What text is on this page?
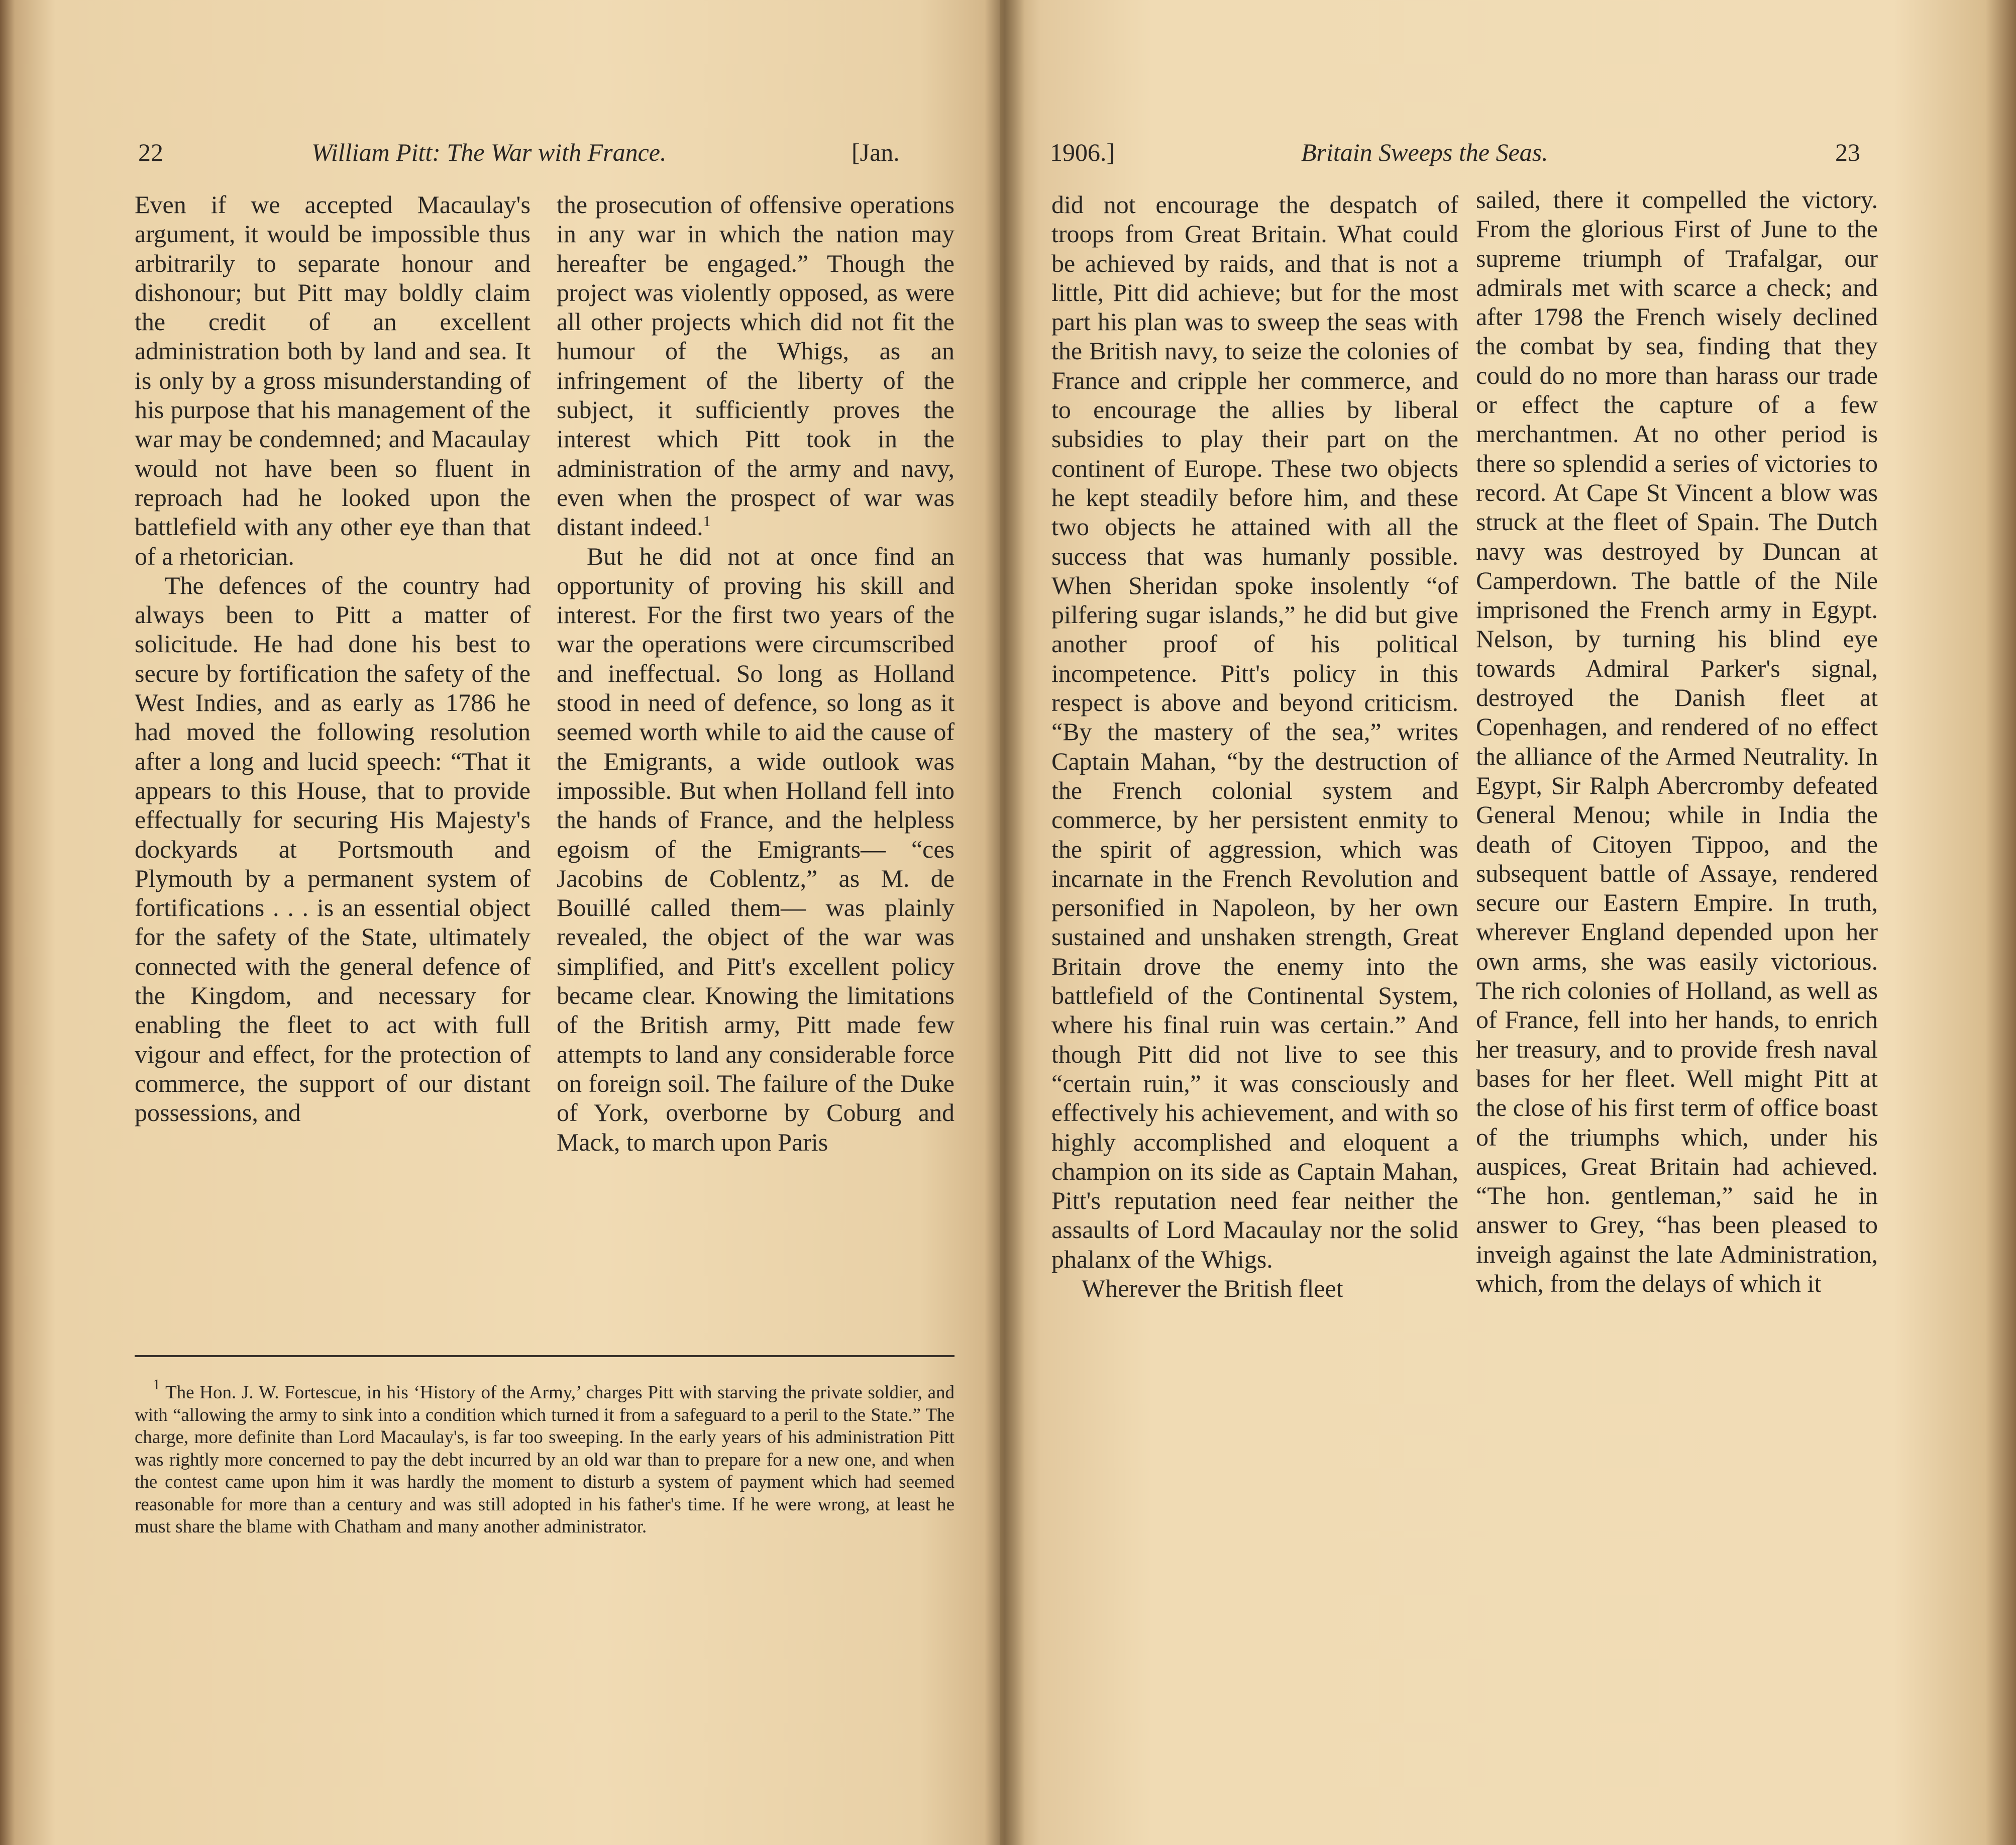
22	William Pitt: The War with France.	[Jan.

Even if we accepted Macaulay's argument, it would be impossible thus arbitrarily to separate honour and dishonour; but Pitt may boldly claim the credit of an excellent administration both by land and sea. It is only by a gross misunderstanding of his purpose that his management of the war may be condemned; and Macaulay would not have been so fluent in reproach had he looked upon the battlefield with any other eye than that of a rhetorician.

The defences of the country had always been to Pitt a matter of solicitude. He had done his best to secure by fortification the safety of the West Indies, and as early as 1786 he had moved the following resolution after a long and lucid speech: “That it appears to this House, that to provide effectually for securing His Majesty's dockyards at Portsmouth and Plymouth by a permanent system of fortifications . . . is an essential object for the safety of the State, ultimately connected with the general defence of the Kingdom, and necessary for enabling the fleet to act with full vigour and effect, for the protection of commerce, the support of our distant possessions, and

the prosecution of offensive operations in any war in which the nation may hereafter be engaged.” Though the project was violently opposed, as were all other projects which did not fit the humour of the Whigs, as an infringement of the liberty of the subject, it sufficiently proves the interest which Pitt took in the administration of the army and navy, even when the prospect of war was distant indeed.$^1$

But he did not at once find an opportunity of proving his skill and interest. For the first two years of the war the operations were circumscribed and ineffectual. So long as Holland stood in need of defence, so long as it seemed worth while to aid the cause of the Emigrants, a wide outlook was impossible. But when Holland fell into the hands of France, and the helpless egoism of the Emigrants— “ces Jacobins de Coblentz,” as M. de Bouillé called them— was plainly revealed, the object of the war was simplified, and Pitt's excellent policy became clear. Knowing the limitations of the British army, Pitt made few attempts to land any considerable force on foreign soil. The failure of the Duke of York, overborne by Coburg and Mack, to march upon Paris

$^1$ The Hon. J. W. Fortescue, in his ‘History of the Army,’ charges Pitt with starving the private soldier, and with “allowing the army to sink into a condition which turned it from a safeguard to a peril to the State.” The charge, more definite than Lord Macaulay's, is far too sweeping. In the early years of his administration Pitt was rightly more concerned to pay the debt incurred by an old war than to prepare for a new one, and when the contest came upon him it was hardly the moment to disturb a system of payment which had seemed reasonable for more than a century and was still adopted in his father's time. If he were wrong, at least he must share the blame with Chatham and many another administrator.

1906.]	Britain Sweeps the Seas.	23

did not encourage the despatch of troops from Great Britain. What could be achieved by raids, and that is not a little, Pitt did achieve; but for the most part his plan was to sweep the seas with the British navy, to seize the colonies of France and cripple her commerce, and to encourage the allies by liberal subsidies to play their part on the continent of Europe. These two objects he kept steadily before him, and these two objects he attained with all the success that was humanly possible. When Sheridan spoke insolently “of pilfering sugar islands,” he did but give another proof of his political incompetence. Pitt's policy in this respect is above and beyond criticism. “By the mastery of the sea,” writes Captain Mahan, “by the destruction of the French colonial system and commerce, by her persistent enmity to the spirit of aggression, which was incarnate in the French Revolution and personified in Napoleon, by her own sustained and unshaken strength, Great Britain drove the enemy into the battlefield of the Continental System, where his final ruin was certain.” And though Pitt did not live to see this “certain ruin,” it was consciously and effectively his achievement, and with so highly accomplished and eloquent a champion on its side as Captain Mahan, Pitt's reputation need fear neither the assaults of Lord Macaulay nor the solid phalanx of the Whigs.

Wherever the British fleet

sailed, there it compelled the victory. From the glorious First of June to the supreme triumph of Trafalgar, our admirals met with scarce a check; and after 1798 the French wisely declined the combat by sea, finding that they could do no more than harass our trade or effect the capture of a few merchantmen. At no other period is there so splendid a series of victories to record. At Cape St Vincent a blow was struck at the fleet of Spain. The Dutch navy was destroyed by Duncan at Camperdown. The battle of the Nile imprisoned the French army in Egypt. Nelson, by turning his blind eye towards Admiral Parker's signal, destroyed the Danish fleet at Copenhagen, and rendered of no effect the alliance of the Armed Neutrality. In Egypt, Sir Ralph Abercromby defeated General Menou; while in India the death of Citoyen Tippoo, and the subsequent battle of Assaye, rendered secure our Eastern Empire. In truth, wherever England depended upon her own arms, she was easily victorious. The rich colonies of Holland, as well as of France, fell into her hands, to enrich her treasury, and to provide fresh naval bases for her fleet. Well might Pitt at the close of his first term of office boast of the triumphs which, under his auspices, Great Britain had achieved. “The hon. gentleman,” said he in answer to Grey, “has been pleased to inveigh against the late Administration, which, from the delays of which it
